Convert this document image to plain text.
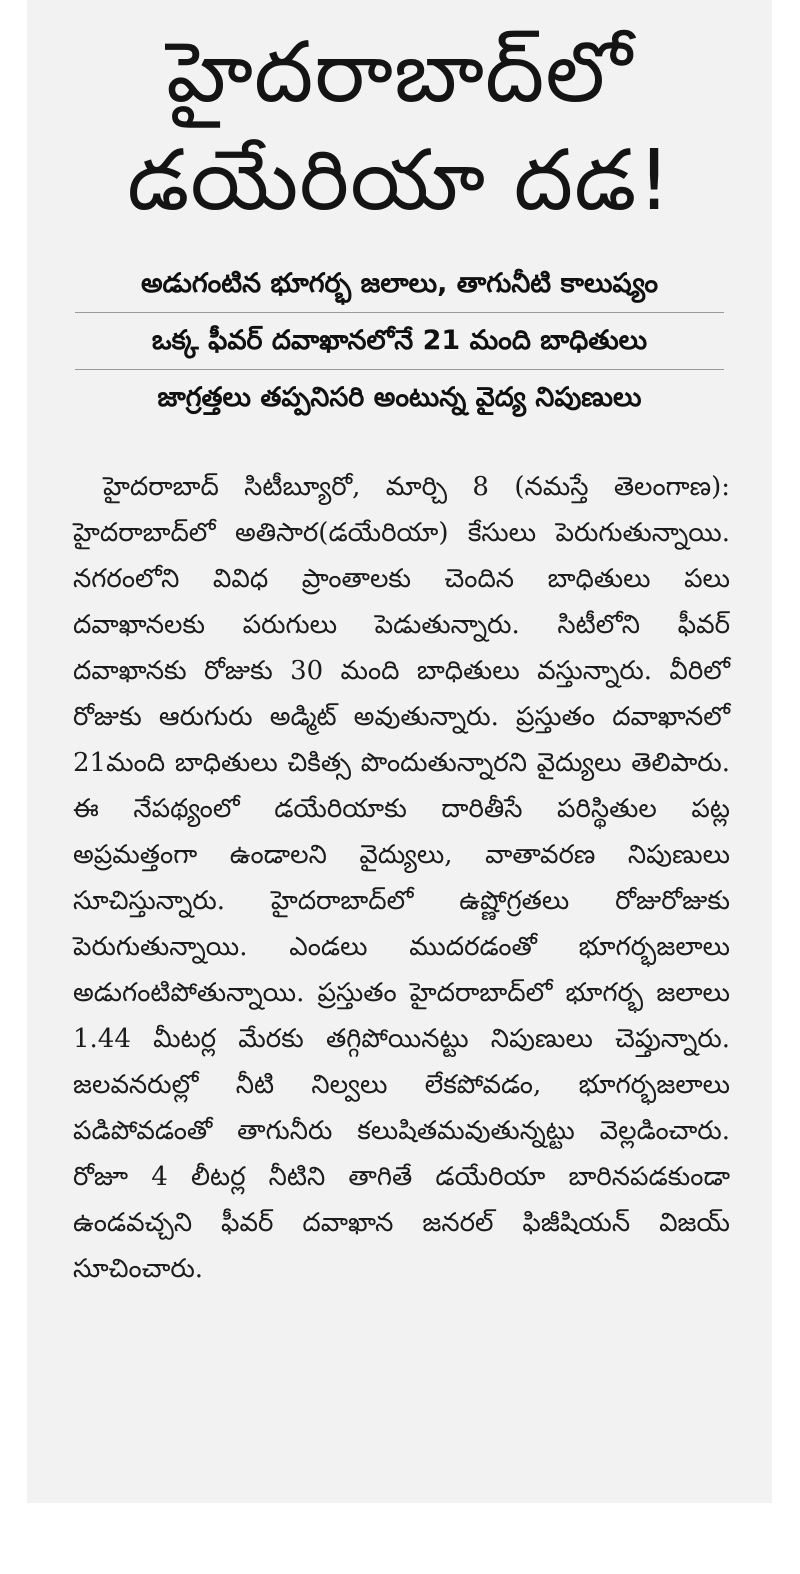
హైదరాబాద్‌లో
డయేరియా దడ!
అడుగంటిన భూగర్భ జలాలు, తాగునీటి కాలుష్యం
ఒక్క ఫీవర్ దవాఖానలోనే 21 మంది బాధితులు
జాగ్రత్తలు తప్పనిసరి అంటున్న వైద్య నిపుణులు

హైదరాబాద్ సిటీబ్యూరో, మార్చి 8 (నమస్తే తెలంగాణ): హైదరాబాద్‌లో అతిసార(డయేరియా) కేసులు పెరుగుతున్నాయి. నగరంలోని వివిధ ప్రాంతాలకు చెందిన బాధితులు పలు దవాఖానలకు పరుగులు పెడుతున్నారు. సిటీలోని ఫీవర్ దవాఖానకు రోజుకు 30 మంది బాధితులు వస్తున్నారు. వీరిలో రోజుకు ఆరుగురు అడ్మిట్ అవుతున్నారు. ప్రస్తుతం దవాఖానలో 21మంది బాధితులు చికిత్స పొందుతున్నారని వైద్యులు తెలిపారు. ఈ నేపథ్యంలో డయేరియాకు దారితీసే పరిస్థితుల పట్ల అప్రమత్తంగా ఉండాలని వైద్యులు, వాతావరణ నిపుణులు సూచిస్తున్నారు. హైదరాబాద్‌లో ఉష్ణోగ్రతలు రోజురోజుకు పెరుగుతున్నాయి. ఎండలు ముదరడంతో భూగర్భజలాలు అడుగంటిపోతున్నాయి. ప్రస్తుతం హైదరాబాద్‌లో భూగర్భ జలాలు 1.44 మీటర్ల మేరకు తగ్గిపోయినట్టు నిపుణులు చెప్తున్నారు. జలవనరుల్లో నీటి నిల్వలు లేకపోవడం, భూగర్భజలాలు పడిపోవడంతో తాగునీరు కలుషితమవుతున్నట్టు వెల్లడించారు. రోజూ 4 లీటర్ల నీటిని తాగితే డయేరియా బారినపడకుండా ఉండవచ్చని ఫీవర్ దవాఖాన జనరల్ ఫిజీషియన్ విజయ్ సూచించారు.
